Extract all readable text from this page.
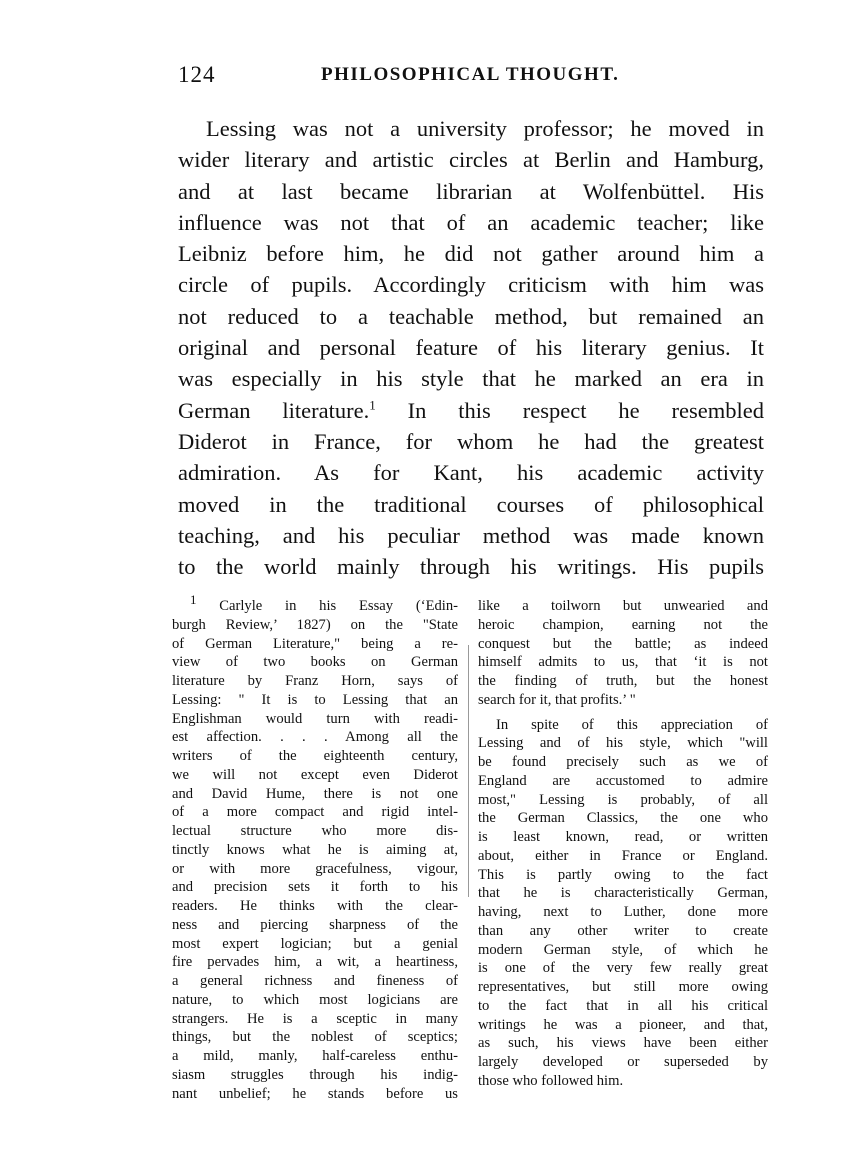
124	PHILOSOPHICAL THOUGHT.
Lessing was not a university professor; he moved in
wider literary and artistic circles at Berlin and Hamburg,
and at last became librarian at Wolfenbüttel. His
influence was not that of an academic teacher; like
Leibniz before him, he did not gather around him a
circle of pupils. Accordingly criticism with him was
not reduced to a teachable method, but remained an
original and personal feature of his literary genius. It
was especially in his style that he marked an era in
German literature.$^1$ In this respect he resembled
Diderot in France, for whom he had the greatest
admiration. As for Kant, his academic activity
moved in the traditional courses of philosophical
teaching, and his peculiar method was made known
to the world mainly through his writings. His pupils
$^1$ Carlyle in his Essay (‘Edin-
burgh Review,’ 1827) on the "State
of German Literature," being a re-
view of two books on German
literature by Franz Horn, says of
Lessing: " It is to Lessing that an
Englishman would turn with readi-
est affection. . . . Among all the
writers of the eighteenth century,
we will not except even Diderot
and David Hume, there is not one
of a more compact and rigid intel-
lectual structure who more dis-
tinctly knows what he is aiming at,
or with more gracefulness, vigour,
and precision sets it forth to his
readers. He thinks with the clear-
ness and piercing sharpness of the
most expert logician; but a genial
fire pervades him, a wit, a heartiness,
a general richness and fineness of
nature, to which most logicians are
strangers. He is a sceptic in many
things, but the noblest of sceptics;
a mild, manly, half-careless enthu-
siasm struggles through his indig-
nant unbelief; he stands before us
like a toilworn but unwearied and
heroic champion, earning not the
conquest but the battle; as indeed
himself admits to us, that ‘it is not
the finding of truth, but the honest
search for it, that profits.’ "
In spite of this appreciation of
Lessing and of his style, which "will
be found precisely such as we of
England are accustomed to admire
most," Lessing is probably, of all
the German Classics, the one who
is least known, read, or written
about, either in France or England.
This is partly owing to the fact
that he is characteristically German,
having, next to Luther, done more
than any other writer to create
modern German style, of which he
is one of the very few really great
representatives, but still more owing
to the fact that in all his critical
writings he was a pioneer, and that,
as such, his views have been either
largely developed or superseded by
those who followed him.
